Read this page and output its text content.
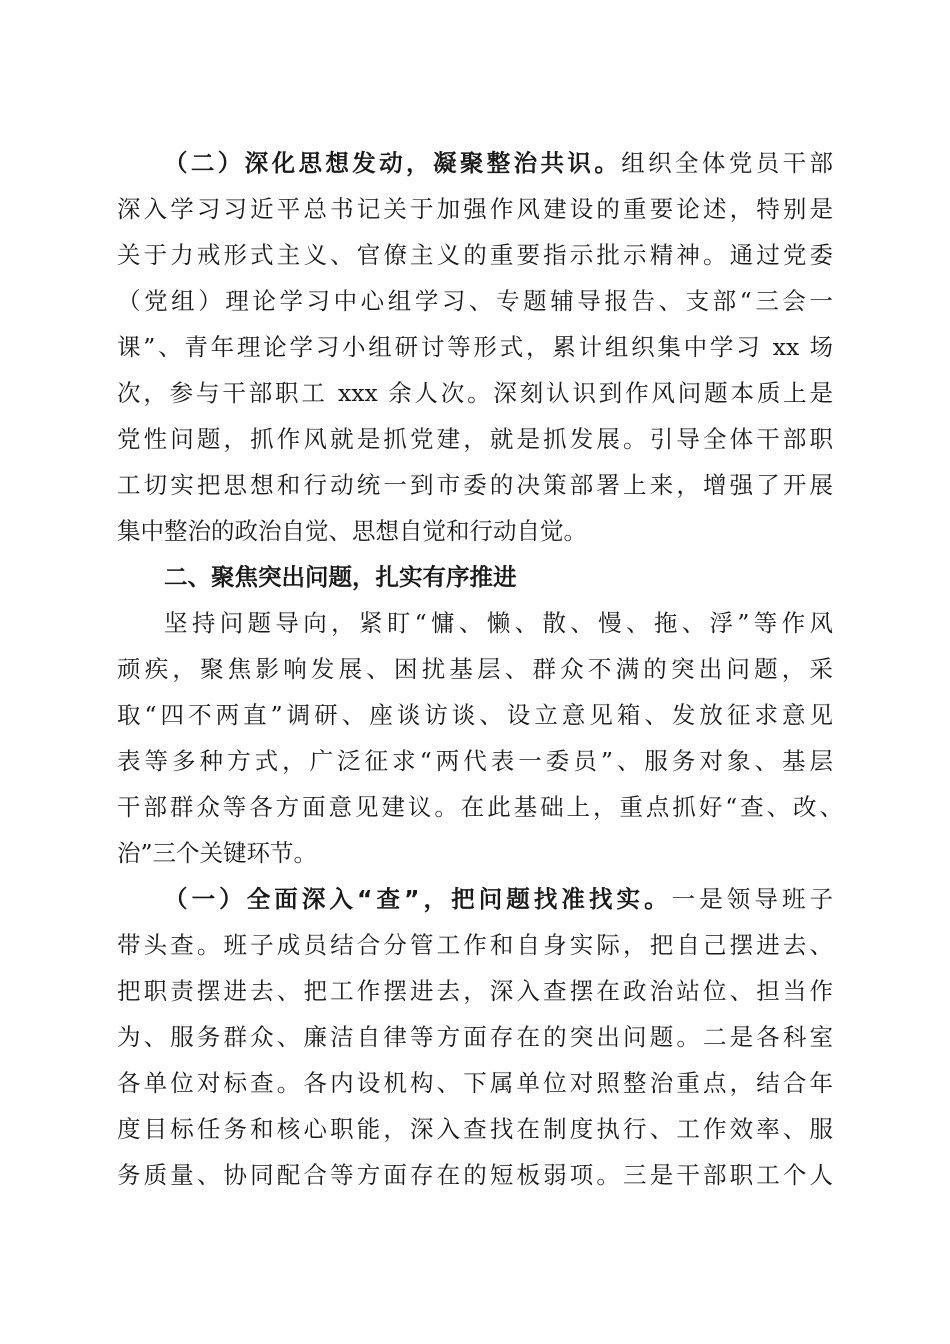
（二）深化思想发动，凝聚整治共识。组织全体党员干部
深入学习习近平总书记关于加强作风建设的重要论述，特别是
关于力戒形式主义、官僚主义的重要指示批示精神。通过党委
（党组）理论学习中心组学习、专题辅导报告、支部“三会一
课”、青年理论学习小组研讨等形式，累计组织集中学习 xx 场
次，参与干部职工 xxx 余人次。深刻认识到作风问题本质上是
党性问题，抓作风就是抓党建，就是抓发展。引导全体干部职
工切实把思想和行动统一到市委的决策部署上来，增强了开展
集中整治的政治自觉、思想自觉和行动自觉。
二、聚焦突出问题，扎实有序推进
坚持问题导向，紧盯“慵、懒、散、慢、拖、浮”等作风
顽疾，聚焦影响发展、困扰基层、群众不满的突出问题，采
取“四不两直”调研、座谈访谈、设立意见箱、发放征求意见
表等多种方式，广泛征求“两代表一委员”、服务对象、基层
干部群众等各方面意见建议。在此基础上，重点抓好“查、改、
治”三个关键环节。
（一）全面深入“查”，把问题找准找实。一是领导班子
带头查。班子成员结合分管工作和自身实际，把自己摆进去、
把职责摆进去、把工作摆进去，深入查摆在政治站位、担当作
为、服务群众、廉洁自律等方面存在的突出问题。二是各科室
各单位对标查。各内设机构、下属单位对照整治重点，结合年
度目标任务和核心职能，深入查找在制度执行、工作效率、服
务质量、协同配合等方面存在的短板弱项。三是干部职工个人
